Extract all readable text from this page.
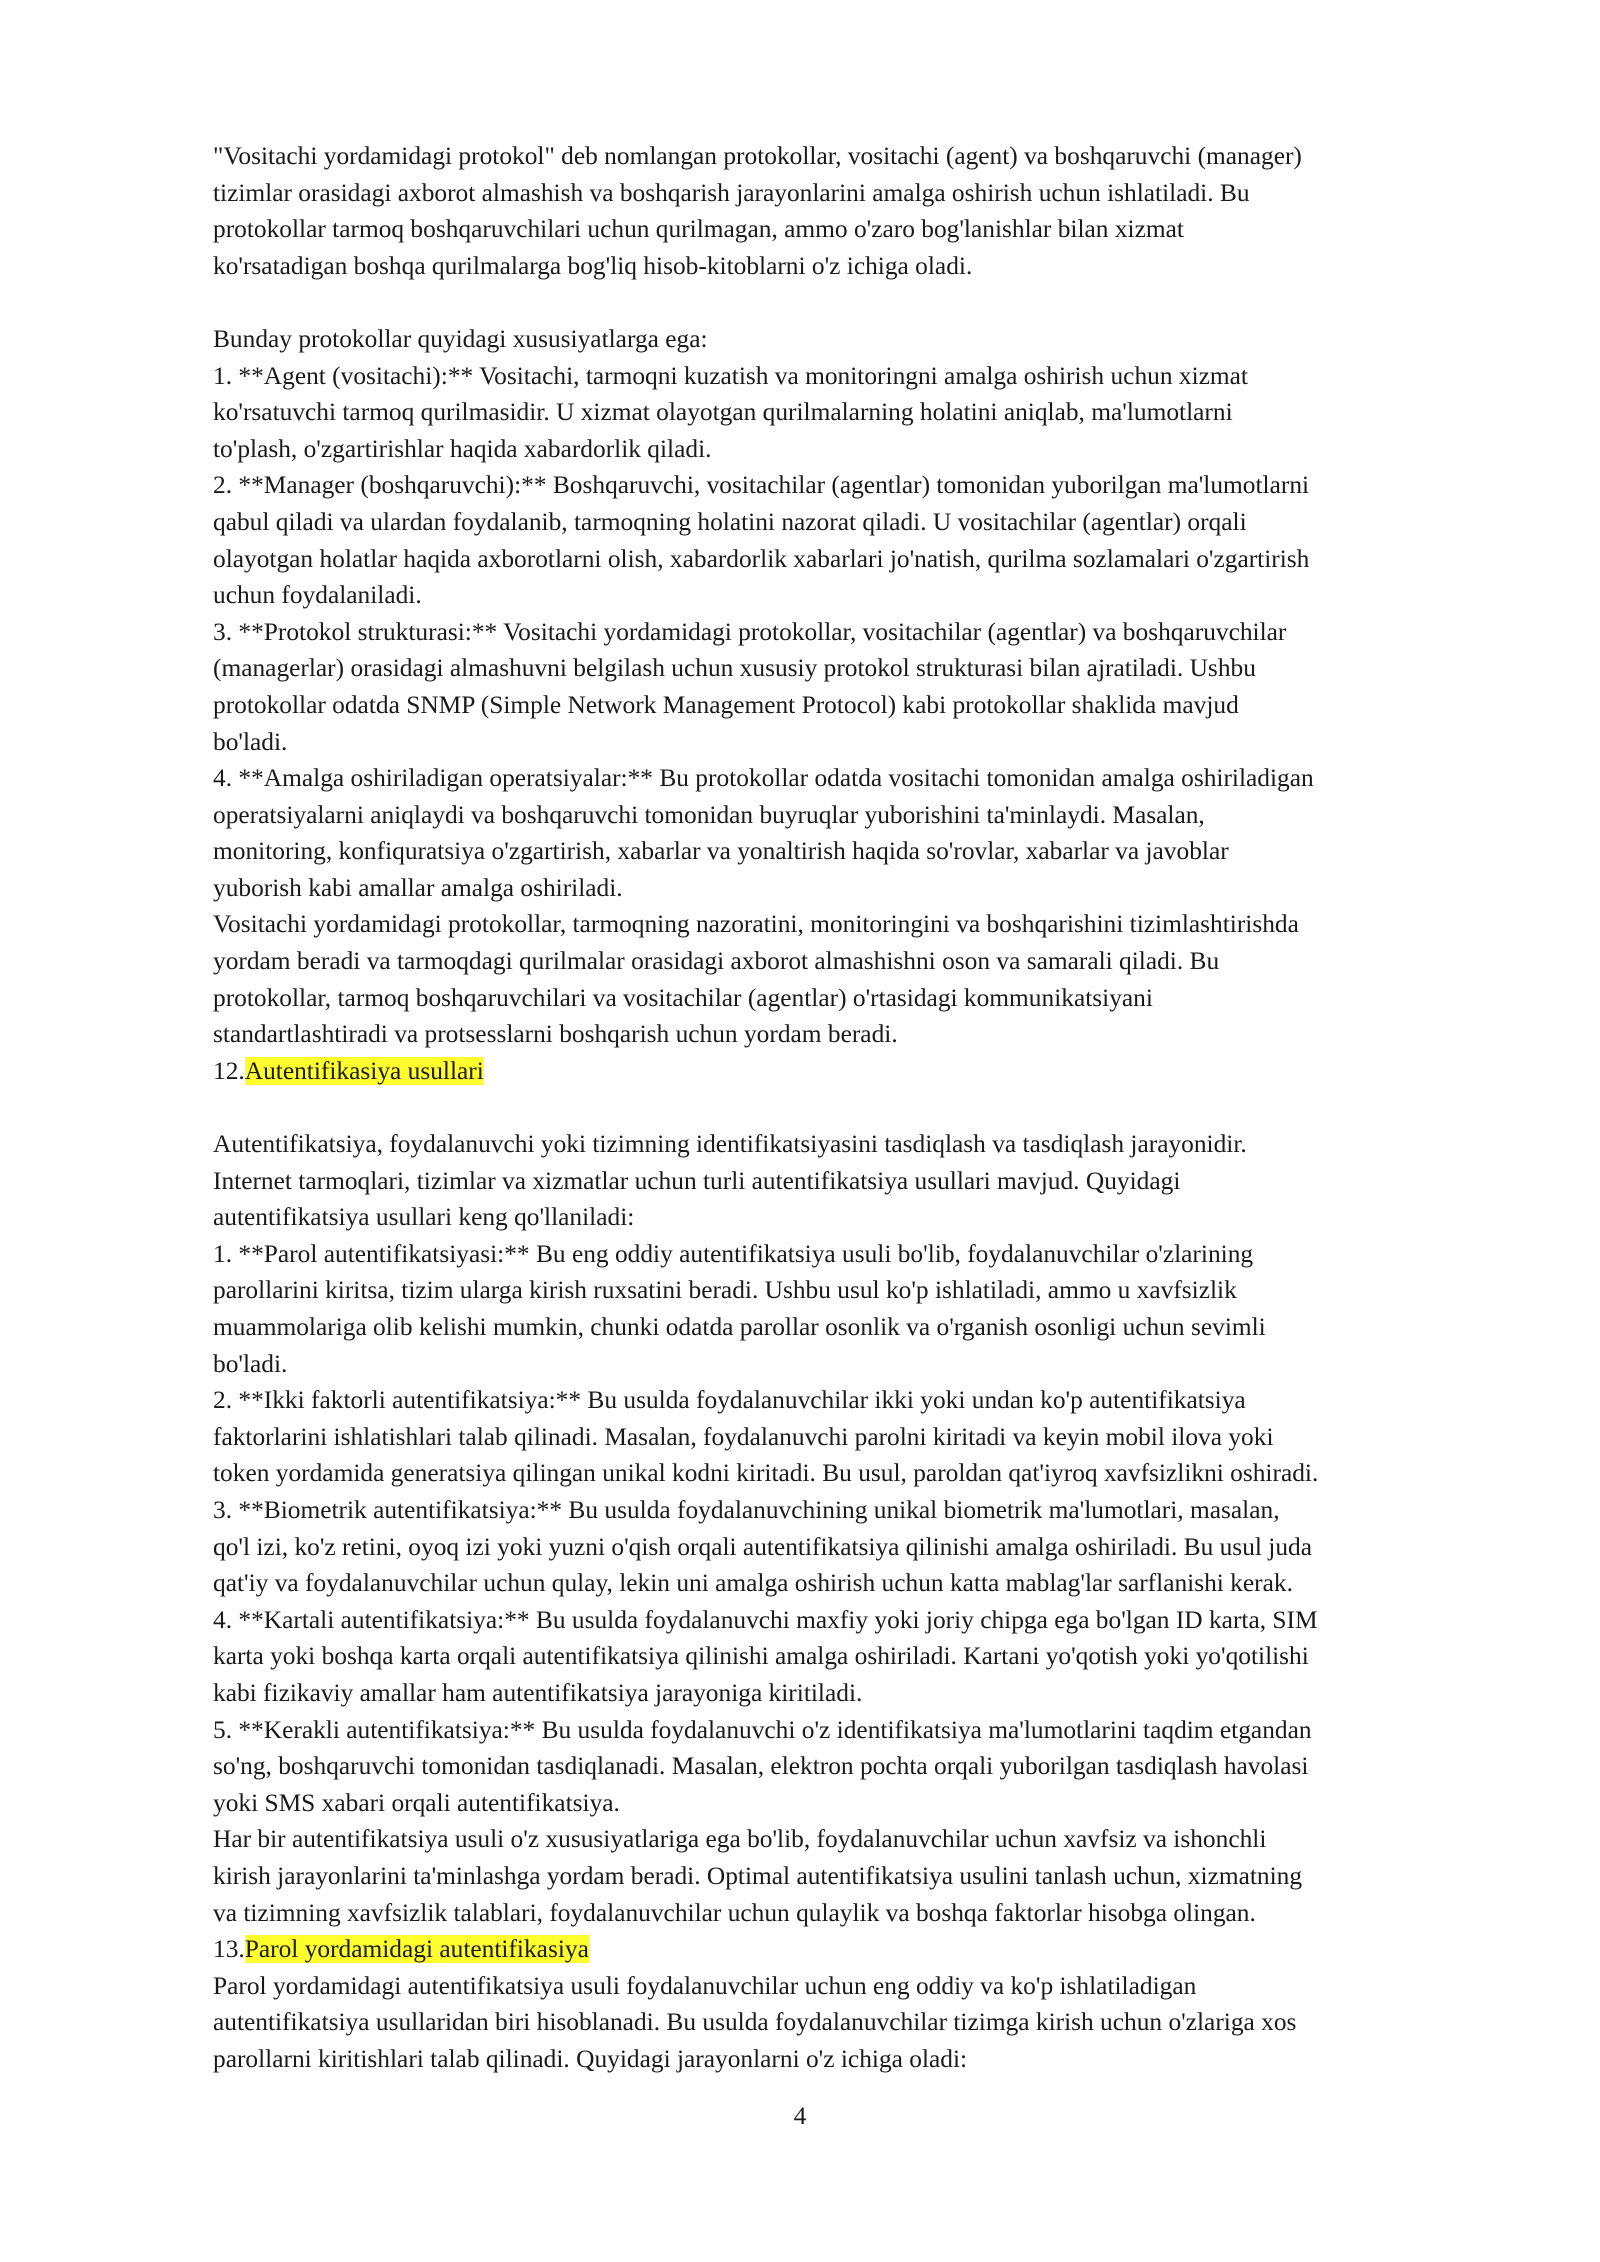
"Vositachi yordamidagi protokol" deb nomlangan protokollar, vositachi (agent) va boshqaruvchi (manager)
tizimlar orasidagi axborot almashish va boshqarish jarayonlarini amalga oshirish uchun ishlatiladi. Bu
protokollar tarmoq boshqaruvchilari uchun qurilmagan, ammo o'zaro bog'lanishlar bilan xizmat
ko'rsatadigan boshqa qurilmalarga bog'liq hisob-kitoblarni o'z ichiga oladi.
Bunday protokollar quyidagi xususiyatlarga ega:
1. **Agent (vositachi):** Vositachi, tarmoqni kuzatish va monitoringni amalga oshirish uchun xizmat
ko'rsatuvchi tarmoq qurilmasidir. U xizmat olayotgan qurilmalarning holatini aniqlab, ma'lumotlarni
to'plash, o'zgartirishlar haqida xabardorlik qiladi.
2. **Manager (boshqaruvchi):** Boshqaruvchi, vositachilar (agentlar) tomonidan yuborilgan ma'lumotlarni
qabul qiladi va ulardan foydalanib, tarmoqning holatini nazorat qiladi. U vositachilar (agentlar) orqali
olayotgan holatlar haqida axborotlarni olish, xabardorlik xabarlari jo'natish, qurilma sozlamalari o'zgartirish
uchun foydalaniladi.
3. **Protokol strukturasi:** Vositachi yordamidagi protokollar, vositachilar (agentlar) va boshqaruvchilar
(managerlar) orasidagi almashuvni belgilash uchun xususiy protokol strukturasi bilan ajratiladi. Ushbu
protokollar odatda SNMP (Simple Network Management Protocol) kabi protokollar shaklida mavjud
bo'ladi.
4. **Amalga oshiriladigan operatsiyalar:** Bu protokollar odatda vositachi tomonidan amalga oshiriladigan
operatsiyalarni aniqlaydi va boshqaruvchi tomonidan buyruqlar yuborishini ta'minlaydi. Masalan,
monitoring, konfiquratsiya o'zgartirish, xabarlar va yonaltirish haqida so'rovlar, xabarlar va javoblar
yuborish kabi amallar amalga oshiriladi.
Vositachi yordamidagi protokollar, tarmoqning nazoratini, monitoringini va boshqarishini tizimlashtirishda
yordam beradi va tarmoqdagi qurilmalar orasidagi axborot almashishni oson va samarali qiladi. Bu
protokollar, tarmoq boshqaruvchilari va vositachilar (agentlar) o'rtasidagi kommunikatsiyani
standartlashtiradi va protsesslarni boshqarish uchun yordam beradi.
12.Autentifikasiya usullari
Autentifikatsiya, foydalanuvchi yoki tizimning identifikatsiyasini tasdiqlash va tasdiqlash jarayonidir.
Internet tarmoqlari, tizimlar va xizmatlar uchun turli autentifikatsiya usullari mavjud. Quyidagi
autentifikatsiya usullari keng qo'llaniladi:
1. **Parol autentifikatsiyasi:** Bu eng oddiy autentifikatsiya usuli bo'lib, foydalanuvchilar o'zlarining
parollarini kiritsa, tizim ularga kirish ruxsatini beradi. Ushbu usul ko'p ishlatiladi, ammo u xavfsizlik
muammolariga olib kelishi mumkin, chunki odatda parollar osonlik va o'rganish osonligi uchun sevimli
bo'ladi.
2. **Ikki faktorli autentifikatsiya:** Bu usulda foydalanuvchilar ikki yoki undan ko'p autentifikatsiya
faktorlarini ishlatishlari talab qilinadi. Masalan, foydalanuvchi parolni kiritadi va keyin mobil ilova yoki
token yordamida generatsiya qilingan unikal kodni kiritadi. Bu usul, paroldan qat'iyroq xavfsizlikni oshiradi.
3. **Biometrik autentifikatsiya:** Bu usulda foydalanuvchining unikal biometrik ma'lumotlari, masalan,
qo'l izi, ko'z retini, oyoq izi yoki yuzni o'qish orqali autentifikatsiya qilinishi amalga oshiriladi. Bu usul juda
qat'iy va foydalanuvchilar uchun qulay, lekin uni amalga oshirish uchun katta mablag'lar sarflanishi kerak.
4. **Kartali autentifikatsiya:** Bu usulda foydalanuvchi maxfiy yoki joriy chipga ega bo'lgan ID karta, SIM
karta yoki boshqa karta orqali autentifikatsiya qilinishi amalga oshiriladi. Kartani yo'qotish yoki yo'qotilishi
kabi fizikaviy amallar ham autentifikatsiya jarayoniga kiritiladi.
5. **Kerakli autentifikatsiya:** Bu usulda foydalanuvchi o'z identifikatsiya ma'lumotlarini taqdim etgandan
so'ng, boshqaruvchi tomonidan tasdiqlanadi. Masalan, elektron pochta orqali yuborilgan tasdiqlash havolasi
yoki SMS xabari orqali autentifikatsiya.
Har bir autentifikatsiya usuli o'z xususiyatlariga ega bo'lib, foydalanuvchilar uchun xavfsiz va ishonchli
kirish jarayonlarini ta'minlashga yordam beradi. Optimal autentifikatsiya usulini tanlash uchun, xizmatning
va tizimning xavfsizlik talablari, foydalanuvchilar uchun qulaylik va boshqa faktorlar hisobga olingan.
13.Parol yordamidagi autentifikasiya
Parol yordamidagi autentifikatsiya usuli foydalanuvchilar uchun eng oddiy va ko'p ishlatiladigan
autentifikatsiya usullaridan biri hisoblanadi. Bu usulda foydalanuvchilar tizimga kirish uchun o'zlariga xos
parollarni kiritishlari talab qilinadi. Quyidagi jarayonlarni o'z ichiga oladi:
4
